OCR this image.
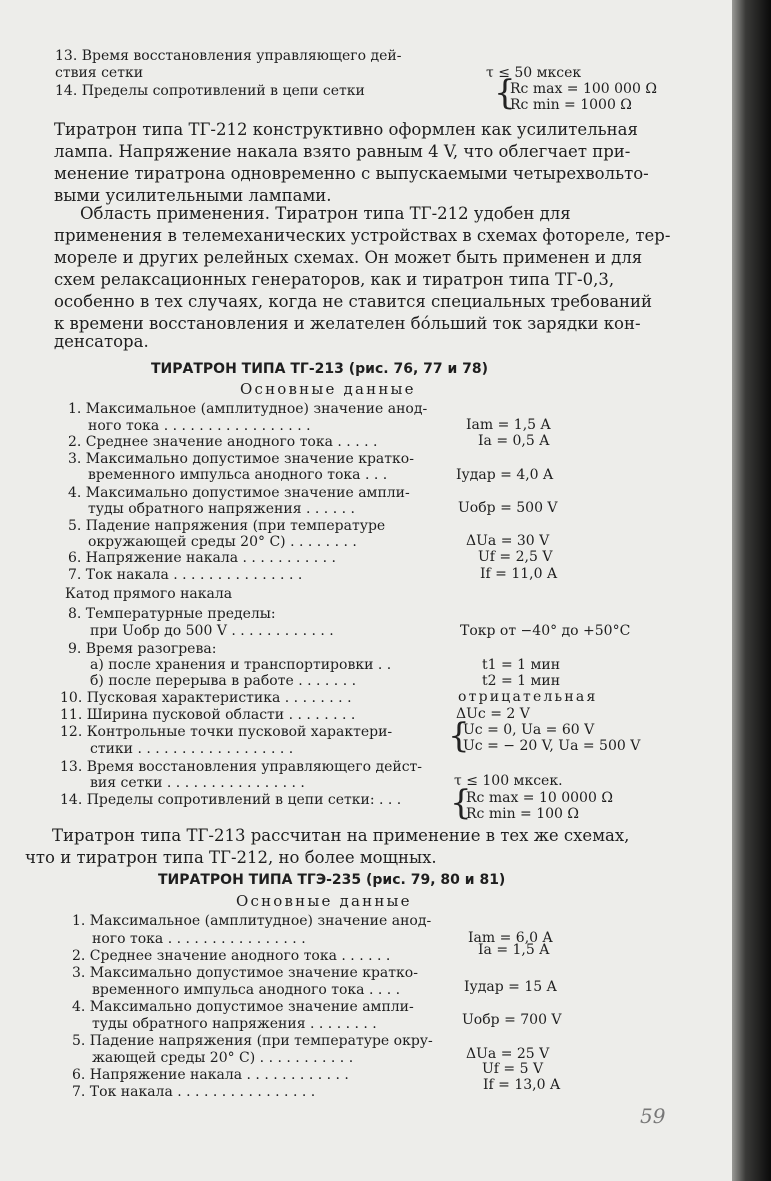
13. Время восстановления управляющего дей-
ствия сетки	τ ≤ 50 мксек
14. Пределы сопротивлений в цепи сетки	{
Rc max = 100 000 Ω
Rc min = 1000 Ω
Тиратрон типа ТГ-212 конструктивно оформлен как усилительная
лампа. Напряжение накала взято равным 4 V, что облегчает при-
менение тиратрона одновременно с выпускаемыми четырехвольто-
выми усилительными лампами.
Область применения. Тиратрон типа ТГ-212 удобен для
применения в телемеханических устройствах в схемах фотореле, тер-
мореле и других релейных схемах. Он может быть применен и для
схем релаксационных генераторов, как и тиратрон типа ТГ-0,3,
особенно в тех случаях, когда не ставится специальных требований
к времени восстановления и желателен бо́льший ток зарядки кон-
денсатора.
ТИРАТРОН ТИПА ТГ-213 (рис. 76, 77 и 78)
Основные данные
1. Максимальное (амплитудное) значение анод-
ного тока . . . . . . . . . . . . . . . . .	Iam = 1,5 A
2. Среднее значение анодного тока . . . . .	Ia = 0,5 A
3. Максимально допустимое значение кратко-
временного импульса анодного тока . . .	Iудар = 4,0 A
4. Максимально допустимое значение ампли-
туды обратного напряжения . . . . . .	Uобр = 500 V
5. Падение напряжения (при температуре
окружающей среды 20° C) . . . . . . . .	ΔUa = 30 V
6. Напряжение накала . . . . . . . . . . .	Uf = 2,5 V
7. Ток накала . . . . . . . . . . . . . . .	If = 11,0 A
Катод прямого накала
8. Температурные пределы:
при Uобр до 500 V . . . . . . . . . . . .	Tокр от −40° до +50°C
9. Время разогрева:
а) после хранения и транспортировки . .	t1 = 1 мин
б) после перерыва в работе . . . . . . .	t2 = 1 мин
10. Пусковая характеристика . . . . . . . .	отрицательная
11. Ширина пусковой области . . . . . . . .	ΔUc = 2 V
12. Контрольные точки пусковой характери-
стики . . . . . . . . . . . . . . . . . .	{
Uc = 0, Ua = 60 V
Uc = − 20 V, Ua = 500 V
13. Время восстановления управляющего дейст-
вия сетки . . . . . . . . . . . . . . . .	τ ≤ 100 мксек.
14. Пределы сопротивлений в цепи сетки: . . . {
Rc max = 10 0000 Ω
Rc min = 100 Ω
Тиратрон типа ТГ-213 рассчитан на применение в тех же схемах,
что и тиратрон типа ТГ-212, но более мощных.
ТИРАТРОН ТИПА ТГЭ-235 (рис. 79, 80 и 81)
Основные данные
1. Максимальное (амплитудное) значение анод-
ного тока . . . . . . . . . . . . . . . .	Iam = 6,0 A
2. Среднее значение анодного тока . . . . . .	Ia = 1,5 A
3. Максимально допустимое значение кратко-
временного импульса анодного тока . . . .	Iудар = 15 A
4. Максимально допустимое значение ампли-
туды обратного напряжения . . . . . . . .	Uобр = 700 V
5. Падение напряжения (при температуре окру-
жающей среды 20° C) . . . . . . . . . . .	ΔUa = 25 V
6. Напряжение накала . . . . . . . . . . . .	Uf = 5 V
7. Ток накала . . . . . . . . . . . . . . . .	If = 13,0 A
59
